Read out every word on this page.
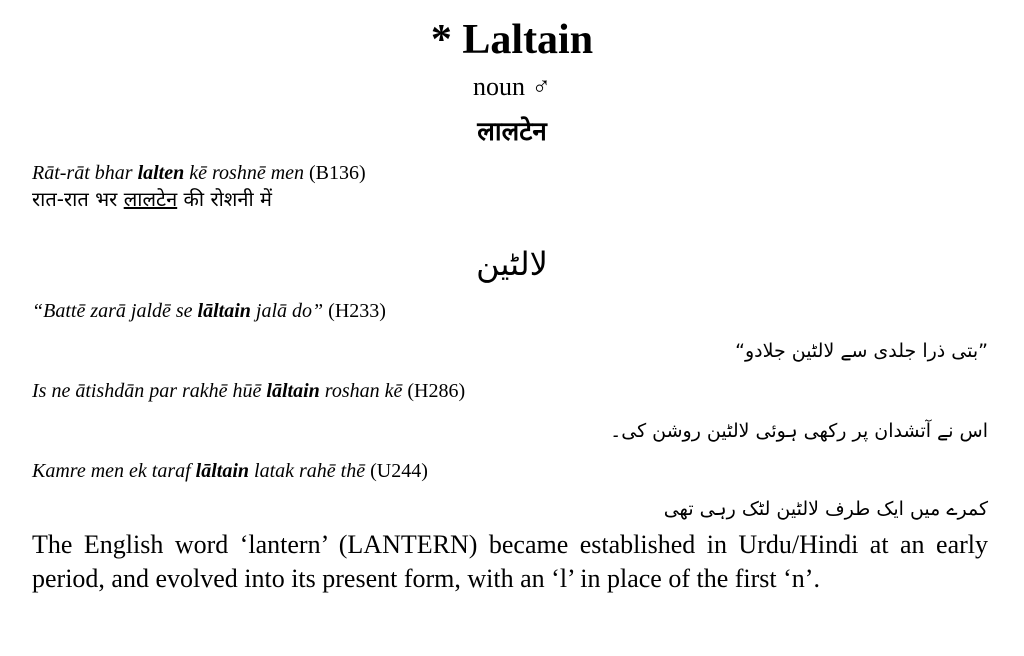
* Laltain
noun ♂
लालटेन
Rāt-rāt bhar lalten kē roshnē men (B136)
रात-रात भर लालटेन की रोशनी में
لالٹین
“Battē zarā jaldē se lāltain jalā do” (H233)
”بتی ذرا جلدی سے لالٹین جلادو“
Is ne ātishdān par rakhē hūē lāltain roshan kē (H286)
اس نے آتشدان پر رکھی ہوئی لالٹین روشن کی۔
Kamre men ek taraf lāltain latak rahē thē (U244)
کمرے میں ایک طرف لالٹین لٹک رہی تھی
The English word ‘lantern’ (LANTERN) became established in Urdu/Hindi at an early period, and evolved into its present form, with an ‘l’ in place of the first ‘n’.
